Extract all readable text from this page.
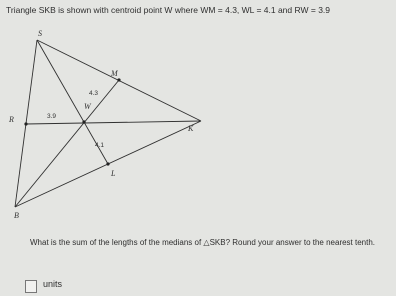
Triangle SKB is shown with centroid point W where WM = 4.3, WL = 4.1 and RW = 3.9
S
K
B
R
M
L
W
4.3
3.9
4.1
What is the sum of the lengths of the medians of △SKB? Round your answer to the nearest tenth.
units
